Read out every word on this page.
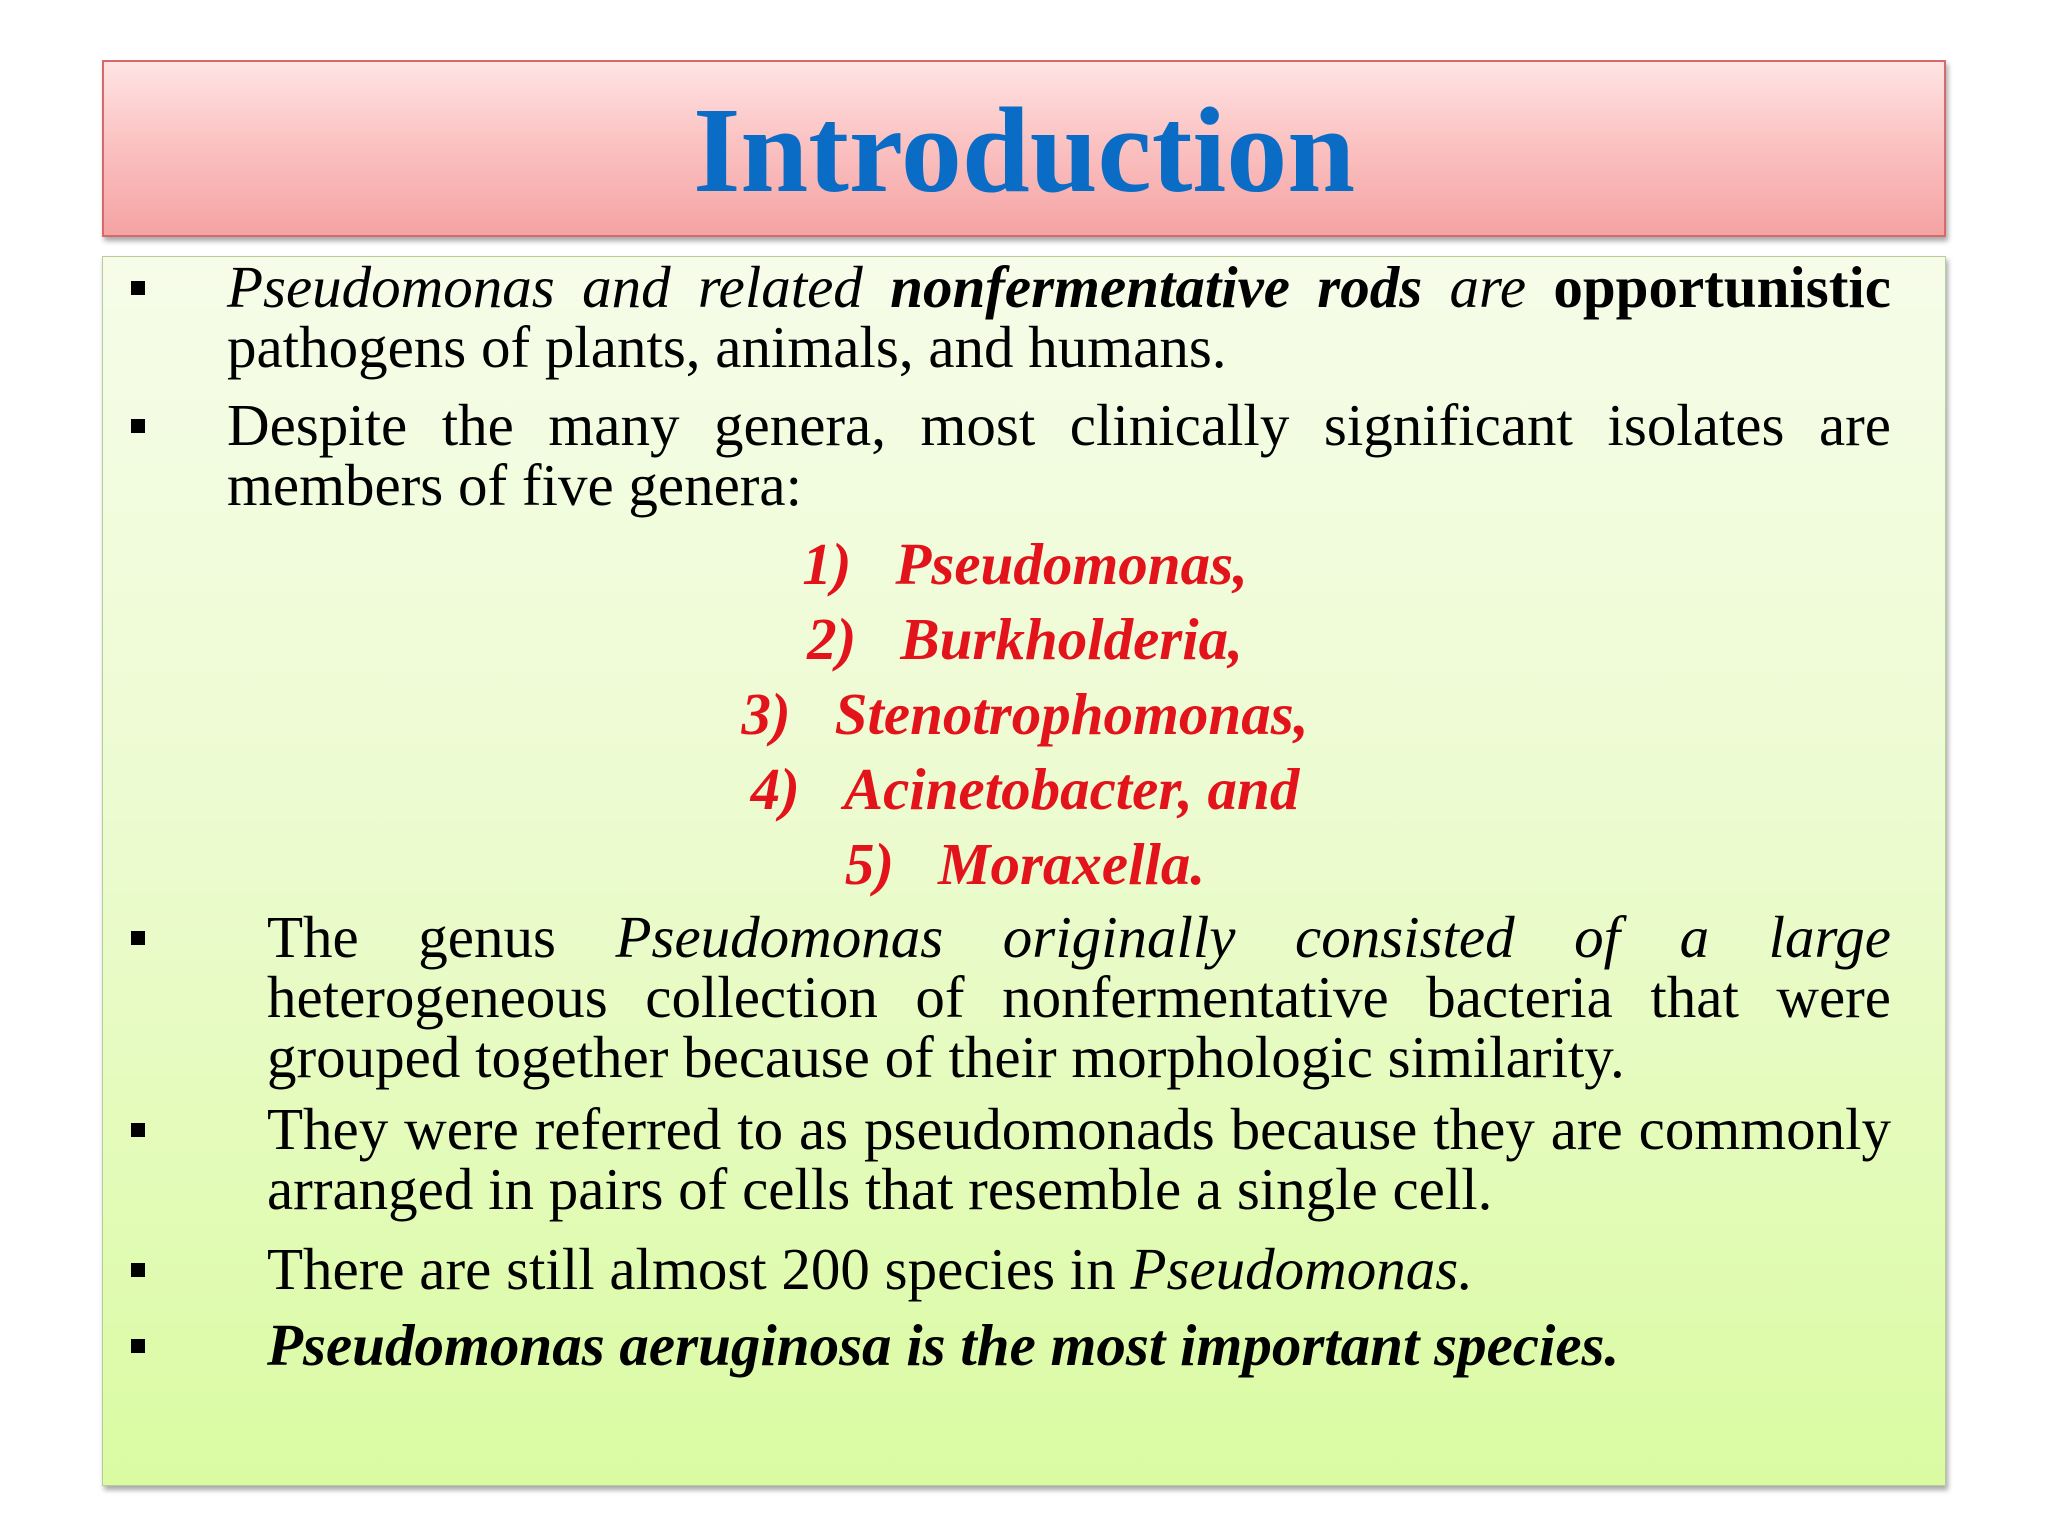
Introduction
Pseudomonas and related nonfermentative rods are opportunistic pathogens of plants, animals, and humans.
Despite the many genera, most clinically significant isolates are members of five genera:
1) Pseudomonas,
2) Burkholderia,
3) Stenotrophomonas,
4) Acinetobacter, and
5) Moraxella.
The genus Pseudomonas originally consisted of a large heterogeneous collection of nonfermentative bacteria that were grouped together because of their morphologic similarity.
They were referred to as pseudomonads because they are commonly arranged in pairs of cells that resemble a single cell.
There are still almost 200 species in Pseudomonas.
Pseudomonas aeruginosa is the most important species.
